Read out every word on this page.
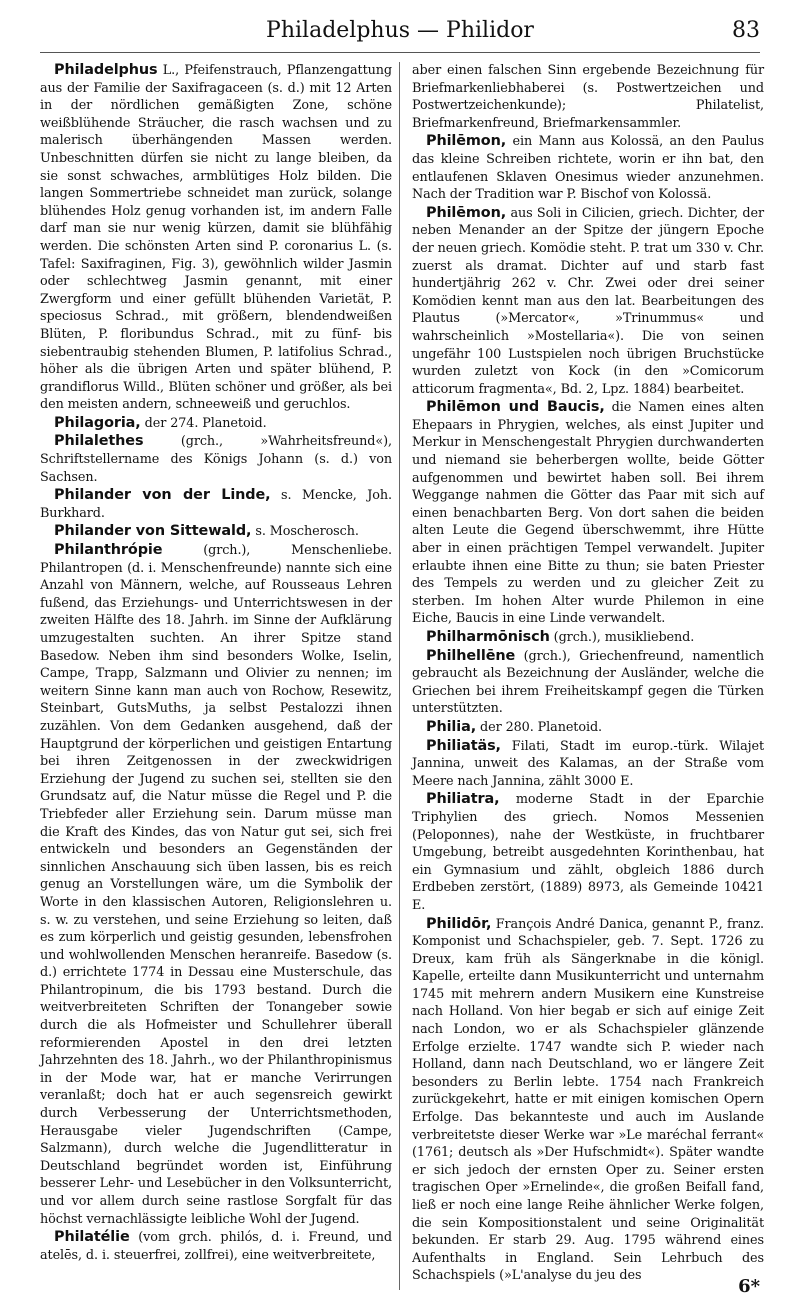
Philadelphus — Philidor	83

Philadelphus L., Pfeifenstrauch, Pflanzengattung aus der Familie der Saxifragaceen (s. d.) mit 12 Arten in der nördlichen gemäßigten Zone, schöne weißblühende Sträucher, die rasch wachsen und zu malerisch überhängenden Massen werden. Unbeschnitten dürfen sie nicht zu lange bleiben, da sie sonst schwaches, armblütiges Holz bilden. Die langen Sommertriebe schneidet man zurück, solange blühendes Holz genug vorhanden ist, im andern Falle darf man sie nur wenig kürzen, damit sie blühfähig werden. Die schönsten Arten sind P. coronarius L. (s. Tafel: Saxifraginen, Fig. 3), gewöhnlich wilder Jasmin oder schlechtweg Jasmin genannt, mit einer Zwergform und einer gefüllt blühenden Varietät, P. speciosus Schrad., mit größern, blendendweißen Blüten, P. floribundus Schrad., mit zu fünf- bis siebentraubig stehenden Blumen, P. latifolius Schrad., höher als die übrigen Arten und später blühend, P. grandiflorus Willd., Blüten schöner und größer, als bei den meisten andern, schneeweiß und geruchlos.

Philagoria, der 274. Planetoid.

Philalethes (grch., »Wahrheitsfreund«), Schriftstellername des Königs Johann (s. d.) von Sachsen.

Philander von der Linde, s. Mencke, Joh. Burkhard.

Philander von Sittewald, s. Moscherosch.

Philanthrópie (grch.), Menschenliebe. Philantropen (d. i. Menschenfreunde) nannte sich eine Anzahl von Männern, welche, auf Rousseaus Lehren fußend, das Erziehungs- und Unterrichtswesen in der zweiten Hälfte des 18. Jahrh. im Sinne der Aufklärung umzugestalten suchten. An ihrer Spitze stand Basedow. Neben ihm sind besonders Wolke, Iselin, Campe, Trapp, Salzmann und Olivier zu nennen; im weitern Sinne kann man auch von Rochow, Resewitz, Steinbart, GutsMuths, ja selbst Pestalozzi ihnen zuzählen. Von dem Gedanken ausgehend, daß der Hauptgrund der körperlichen und geistigen Entartung bei ihren Zeitgenossen in der zweckwidrigen Erziehung der Jugend zu suchen sei, stellten sie den Grundsatz auf, die Natur müsse die Regel und P. die Triebfeder aller Erziehung sein. Darum müsse man die Kraft des Kindes, das von Natur gut sei, sich frei entwickeln und besonders an Gegenständen der sinnlichen Anschauung sich üben lassen, bis es reich genug an Vorstellungen wäre, um die Symbolik der Worte in den klassischen Autoren, Religionslehren u. s. w. zu verstehen, und seine Erziehung so leiten, daß es zum körperlich und geistig gesunden, lebensfrohen und wohlwollenden Menschen heranreife. Basedow (s. d.) errichtete 1774 in Dessau eine Musterschule, das Philantropinum, die bis 1793 bestand. Durch die weitverbreiteten Schriften der Tonangeber sowie durch die als Hofmeister und Schullehrer überall reformierenden Apostel in den drei letzten Jahrzehnten des 18. Jahrh., wo der Philanthropinismus in der Mode war, hat er manche Verirrungen veranlaßt; doch hat er auch segensreich gewirkt durch Verbesserung der Unterrichtsmethoden, Herausgabe vieler Jugendschriften (Campe, Salzmann), durch welche die Jugendlitteratur in Deutschland begründet worden ist, Einführung besserer Lehr- und Lesebücher in den Volksunterricht, und vor allem durch seine rastlose Sorgfalt für das höchst vernachlässigte leibliche Wohl der Jugend.

Philatélie (vom grch. philós, d. i. Freund, und atelēs, d. i. steuerfrei, zollfrei), eine weitverbreitete,

aber einen falschen Sinn ergebende Bezeichnung für Briefmarkenliebhaberei (s. Postwertzeichen und Postwertzeichenkunde); Philatelist, Briefmarkenfreund, Briefmarkensammler.

Philēmon, ein Mann aus Kolossä, an den Paulus das kleine Schreiben richtete, worin er ihn bat, den entlaufenen Sklaven Onesimus wieder anzunehmen. Nach der Tradition war P. Bischof von Kolossä.

Philēmon, aus Soli in Cilicien, griech. Dichter, der neben Menander an der Spitze der jüngern Epoche der neuen griech. Komödie steht. P. trat um 330 v. Chr. zuerst als dramat. Dichter auf und starb fast hundertjährig 262 v. Chr. Zwei oder drei seiner Komödien kennt man aus den lat. Bearbeitungen des Plautus (»Mercator«, »Trinummus« und wahrscheinlich »Mostellaria«). Die von seinen ungefähr 100 Lustspielen noch übrigen Bruchstücke wurden zuletzt von Kock (in den »Comicorum atticorum fragmenta«, Bd. 2, Lpz. 1884) bearbeitet.

Philēmon und Baucis, die Namen eines alten Ehepaars in Phrygien, welches, als einst Jupiter und Merkur in Menschengestalt Phrygien durchwanderten und niemand sie beherbergen wollte, beide Götter aufgenommen und bewirtet haben soll. Bei ihrem Weggange nahmen die Götter das Paar mit sich auf einen benachbarten Berg. Von dort sahen die beiden alten Leute die Gegend überschwemmt, ihre Hütte aber in einen prächtigen Tempel verwandelt. Jupiter erlaubte ihnen eine Bitte zu thun; sie baten Priester des Tempels zu werden und zu gleicher Zeit zu sterben. Im hohen Alter wurde Philemon in eine Eiche, Baucis in eine Linde verwandelt.

Philharmōnisch (grch.), musikliebend.

Philhellēne (grch.), Griechenfreund, namentlich gebraucht als Bezeichnung der Ausländer, welche die Griechen bei ihrem Freiheitskampf gegen die Türken unterstützten.

Philia, der 280. Planetoid.

Philiatäs, Filati, Stadt im europ.-türk. Wilajet Jannina, unweit des Kalamas, an der Straße vom Meere nach Jannina, zählt 3000 E.

Philiatra, moderne Stadt in der Eparchie Triphylien des griech. Nomos Messenien (Peloponnes), nahe der Westküste, in fruchtbarer Umgebung, betreibt ausgedehnten Korinthenbau, hat ein Gymnasium und zählt, obgleich 1886 durch Erdbeben zerstört, (1889) 8973, als Gemeinde 10421 E.

Philidōr, François André Danica, genannt P., franz. Komponist und Schachspieler, geb. 7. Sept. 1726 zu Dreux, kam früh als Sängerknabe in die königl. Kapelle, erteilte dann Musikunterricht und unternahm 1745 mit mehrern andern Musikern eine Kunstreise nach Holland. Von hier begab er sich auf einige Zeit nach London, wo er als Schachspieler glänzende Erfolge erzielte. 1747 wandte sich P. wieder nach Holland, dann nach Deutschland, wo er längere Zeit besonders zu Berlin lebte. 1754 nach Frankreich zurückgekehrt, hatte er mit einigen komischen Opern Erfolge. Das bekannteste und auch im Auslande verbreitetste dieser Werke war »Le maréchal ferrant« (1761; deutsch als »Der Hufschmidt«). Später wandte er sich jedoch der ernsten Oper zu. Seiner ersten tragischen Oper »Ernelinde«, die großen Beifall fand, ließ er noch eine lange Reihe ähnlicher Werke folgen, die sein Kompositionstalent und seine Originalität bekunden. Er starb 29. Aug. 1795 während eines Aufenthalts in England. Sein Lehrbuch des Schachspiels (»L'analyse du jeu des

6*
